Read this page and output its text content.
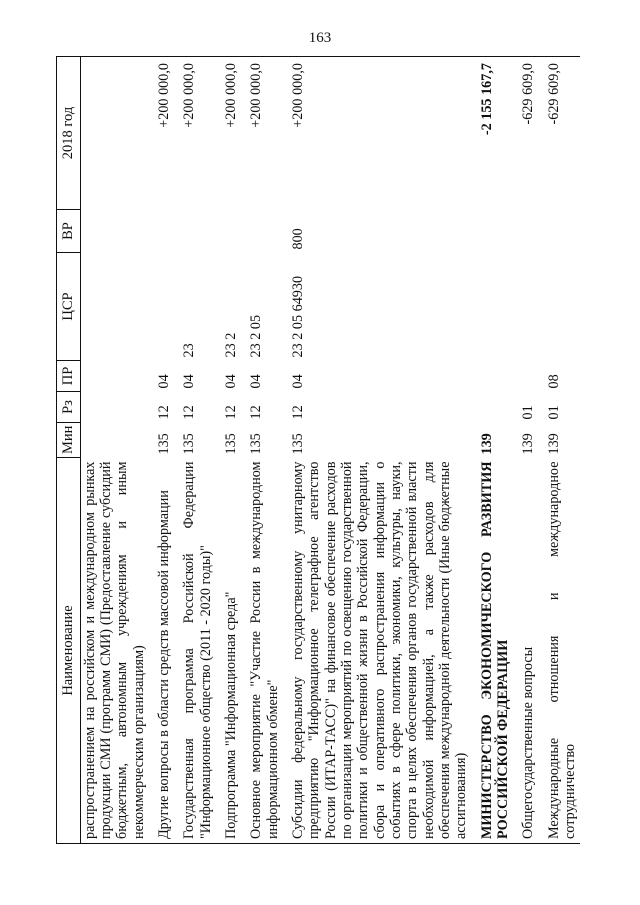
163
Наименование	Мин	Рз	ПР	ЦСР	ВР	2018 год
распространением на российском и международном рынках продукции СМИ (программ СМИ) (Предоставление субсидий бюджетным, автономным учреждениям и иным некоммерческим организациям)						
Другие вопросы в области средств массовой информации	135	12	04			+200 000,0
Государственная программа Российской Федерации "Информационное общество (2011 - 2020 годы)"	135	12	04	23		+200 000,0
Подпрограмма "Информационная среда"	135	12	04	23 2		+200 000,0
Основное мероприятие "Участие России в международном информационном обмене"	135	12	04	23 2 05		+200 000,0
Субсидии федеральному государственному унитарному предприятию "Информационное телеграфное агентство России (ИТАР-ТАСС)" на финансовое обеспечение расходов по организации мероприятий по освещению государственной политики и общественной жизни в Российской Федерации, сбора и оперативного распространения информации о событиях в сфере политики, экономики, культуры, науки, спорта в целях обеспечения органов государственной власти необходимой информацией, а также расходов для обеспечения международной деятельности (Иные бюджетные ассигнования)	135	12	04	23 2 05 64930	800	+200 000,0
МИНИСТЕРСТВО ЭКОНОМИЧЕСКОГО РАЗВИТИЯ РОССИЙСКОЙ ФЕДЕРАЦИИ	139					-2 155 167,7
Общегосударственные вопросы	139	01				-629 609,0
Международные отношения и международное сотрудничество	139	01	08			-629 609,0
